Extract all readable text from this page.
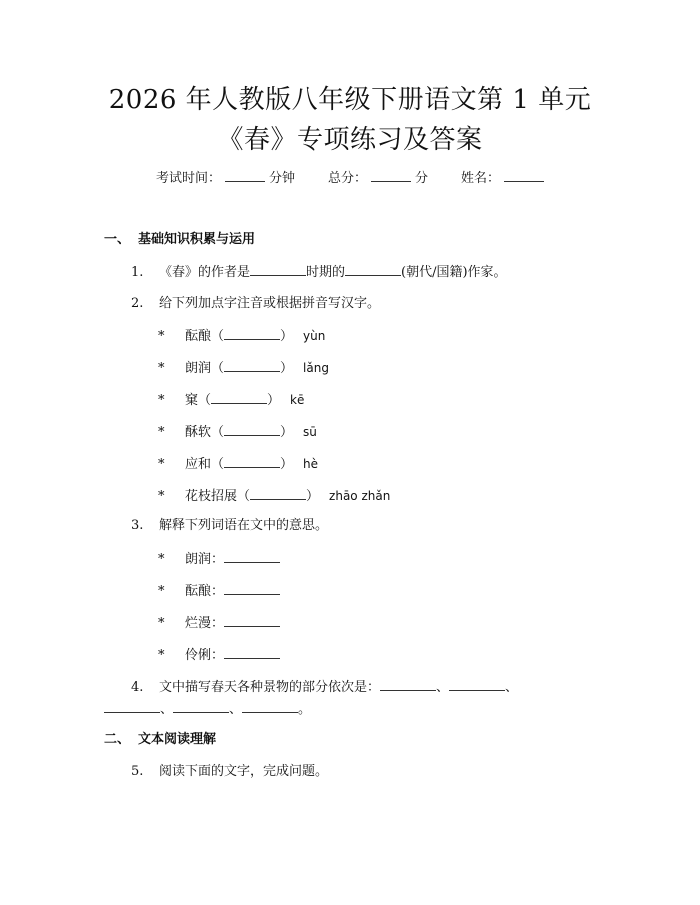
2026 年人教版八年级下册语文第 1 单元
《春》专项练习及答案
考试时间：	分钟	总分：	分	姓名：
一、 基础知识积累与运用
1. 《春》的作者是	时期的	(朝代/国籍)作家。
2. 给下列加点字注音或根据拼音写汉字。
* 酝酿（	） yùn
* 朗润（	） lǎng
* 窠（	） kē
* 酥软（	） sū
* 应和（	） hè
* 花枝招展（	） zhāo zhǎn
3. 解释下列词语在文中的意思。
* 朗润：
* 酝酿：
* 烂漫：
* 伶俐：
4. 文中描写春天各种景物的部分依次是：	、	、
、	、	。
二、 文本阅读理解
5. 阅读下面的文字，完成问题。
